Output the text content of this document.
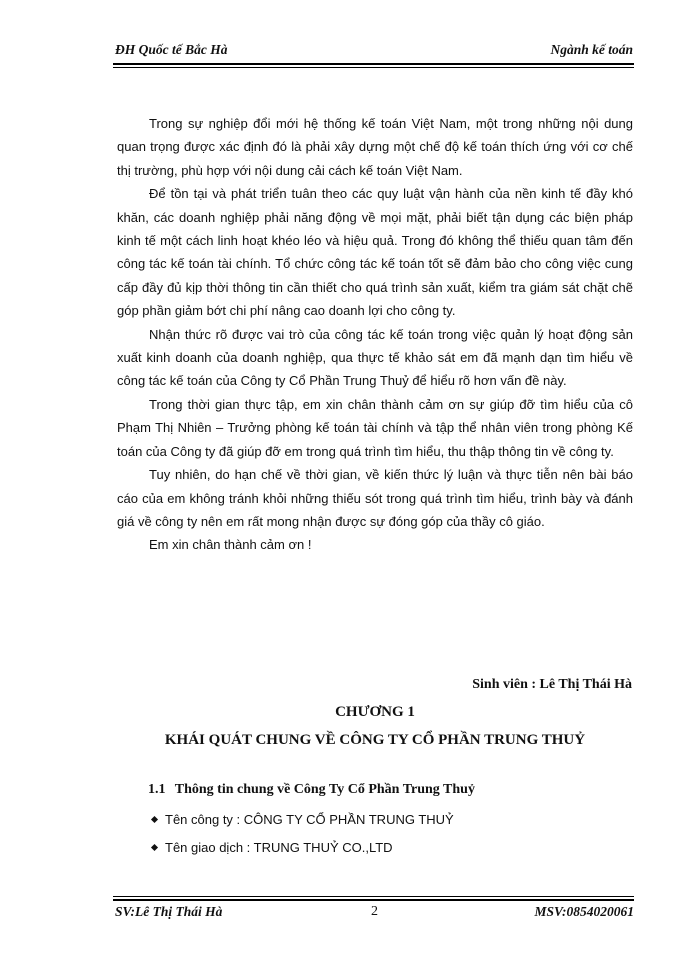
ĐH Quốc tế Bắc Hà	Ngành kế toán

Trong sự nghiệp đổi mới hệ thống kế toán Việt Nam, một trong những nội dung quan trọng được xác định đó là phải xây dựng một chế độ kế toán thích ứng với cơ chế thị trường, phù hợp với nội dung cải cách kế toán Việt Nam.

Để tồn tại và phát triển tuân theo các quy luật vận hành của nền kinh tế đầy khó khăn, các doanh nghiệp phải năng động về mọi mặt, phải biết tận dụng các biện pháp kinh tế một cách linh hoạt khéo léo và hiệu quả. Trong đó không thể thiếu quan tâm đến công tác kế toán tài chính. Tổ chức công tác kế toán tốt sẽ đảm bảo cho công việc cung cấp đầy đủ kịp thời thông tin cần thiết cho quá trình sản xuất, kiểm tra giám sát chặt chẽ góp phần giảm bớt chi phí nâng cao doanh lợi cho công ty.

Nhận thức rõ được vai trò của công tác kế toán trong việc quản lý hoạt động sản xuất kinh doanh của doanh nghiệp, qua thực tế khảo sát em đã mạnh dạn tìm hiểu về công tác kế toán của Công ty Cổ Phần Trung Thuỷ để hiểu rõ hơn vấn đề này.

Trong thời gian thực tập, em xin chân thành cảm ơn sự giúp đỡ tìm hiểu của cô Phạm Thị Nhiên – Trưởng phòng kế toán tài chính và tập thể nhân viên trong phòng Kế toán của Công ty đã giúp đỡ em trong quá trình tìm hiểu, thu thập thông tin về công ty.

Tuy nhiên, do hạn chế về thời gian, về kiến thức lý luận và thực tiễn nên bài báo cáo của em không tránh khỏi những thiếu sót trong quá trình tìm hiểu, trình bày và đánh giá về công ty nên em rất mong nhận được sự đóng góp của thầy cô giáo.

Em xin chân thành cảm ơn !

Sinh viên : Lê Thị Thái Hà
CHƯƠNG 1
KHÁI QUÁT CHUNG VỀ CÔNG TY CỔ PHẦN TRUNG THUỶ
1.1 Thông tin chung về Công Ty Cổ Phần Trung Thuỷ
Tên công ty : CÔNG TY CỔ PHẦN TRUNG THUỶ
Tên giao dịch : TRUNG THUỶ CO.,LTD
SV:Lê Thị Thái Hà	2	MSV:0854020061
